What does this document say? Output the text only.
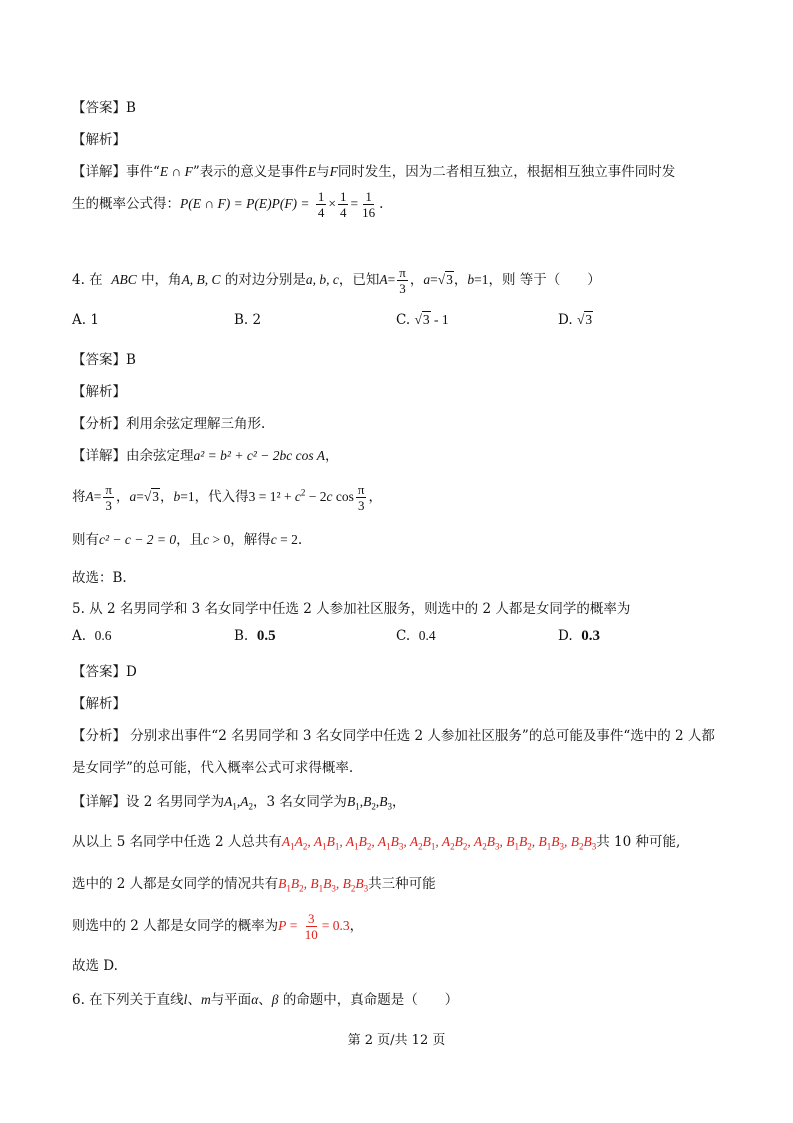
【答案】B
【解析】
【详解】事件“E ∩ F”表示的意义是事件E与F同时发生，因为二者相互独立，根据相互独立事件同时发
生的概率公式得：P(E ∩ $F) = P(E)P(F) = \frac{1}{4} \times \frac{1}{4} = \frac{1}{16}$ .
4. 在 ABC 中，角A, B, C 的对边分别是a, b, c，已知$A= \frac{\pi}{3}$ ，a=√3，b=1，则 等于（　　）
A. 1	B. 2	C. √3 - 1	D. √3
【答案】B
【解析】
【分析】利用余弦定理解三角形.
【详解】由余弦定理a² = b² + c² − 2bc cos A，
将$A= \frac{\pi}{3}$ ，a=√3，b=1，代入得$3 = 1^2 + c^2 - 2c$ $\cos \frac{\pi}{3}$ ，
则有c² − c − 2 = 0，且c > 0，解得c = 2.
故选：B.
5. 从 2 名男同学和 3 名女同学中任选 2 人参加社区服务，则选中的 2 人都是女同学的概率为
A. 0.6	B. 0.5	C. 0.4	D. 0.3
【答案】D
【解析】
【分析】 分别求出事件“2 名男同学和 3 名女同学中任选 2 人参加社区服务”的总可能及事件“选中的 2 人都
是女同学”的总可能，代入概率公式可求得概率.
【详解】设 2 名男同学为$A_1,A_2$，3 名女同学为$B_1,B_2,B_3$，
从以上 5 名同学中任选 2 人总共有$A_1A_2$, $A_1B_1$, $A_1B_2$, $A_1B_3$, $A_2B_1$, $A_2B_2$, $A_2B_3$, $B_1B_2$, $B_1B_3$, $B_2B_3$共 10 种可能,
选中的 2 人都是女同学的情况共有$B_1B_2$, $B_1B_3$, $B_2B_3$共三种可能
则选中的 2 人都是女同学的概率为$P = \frac{3}{10} = 0.3$，
故选 D.
6. 在下列关于直线l、m与平面α、β 的命题中，真命题是（　　）
第 2 页/共 12 页
